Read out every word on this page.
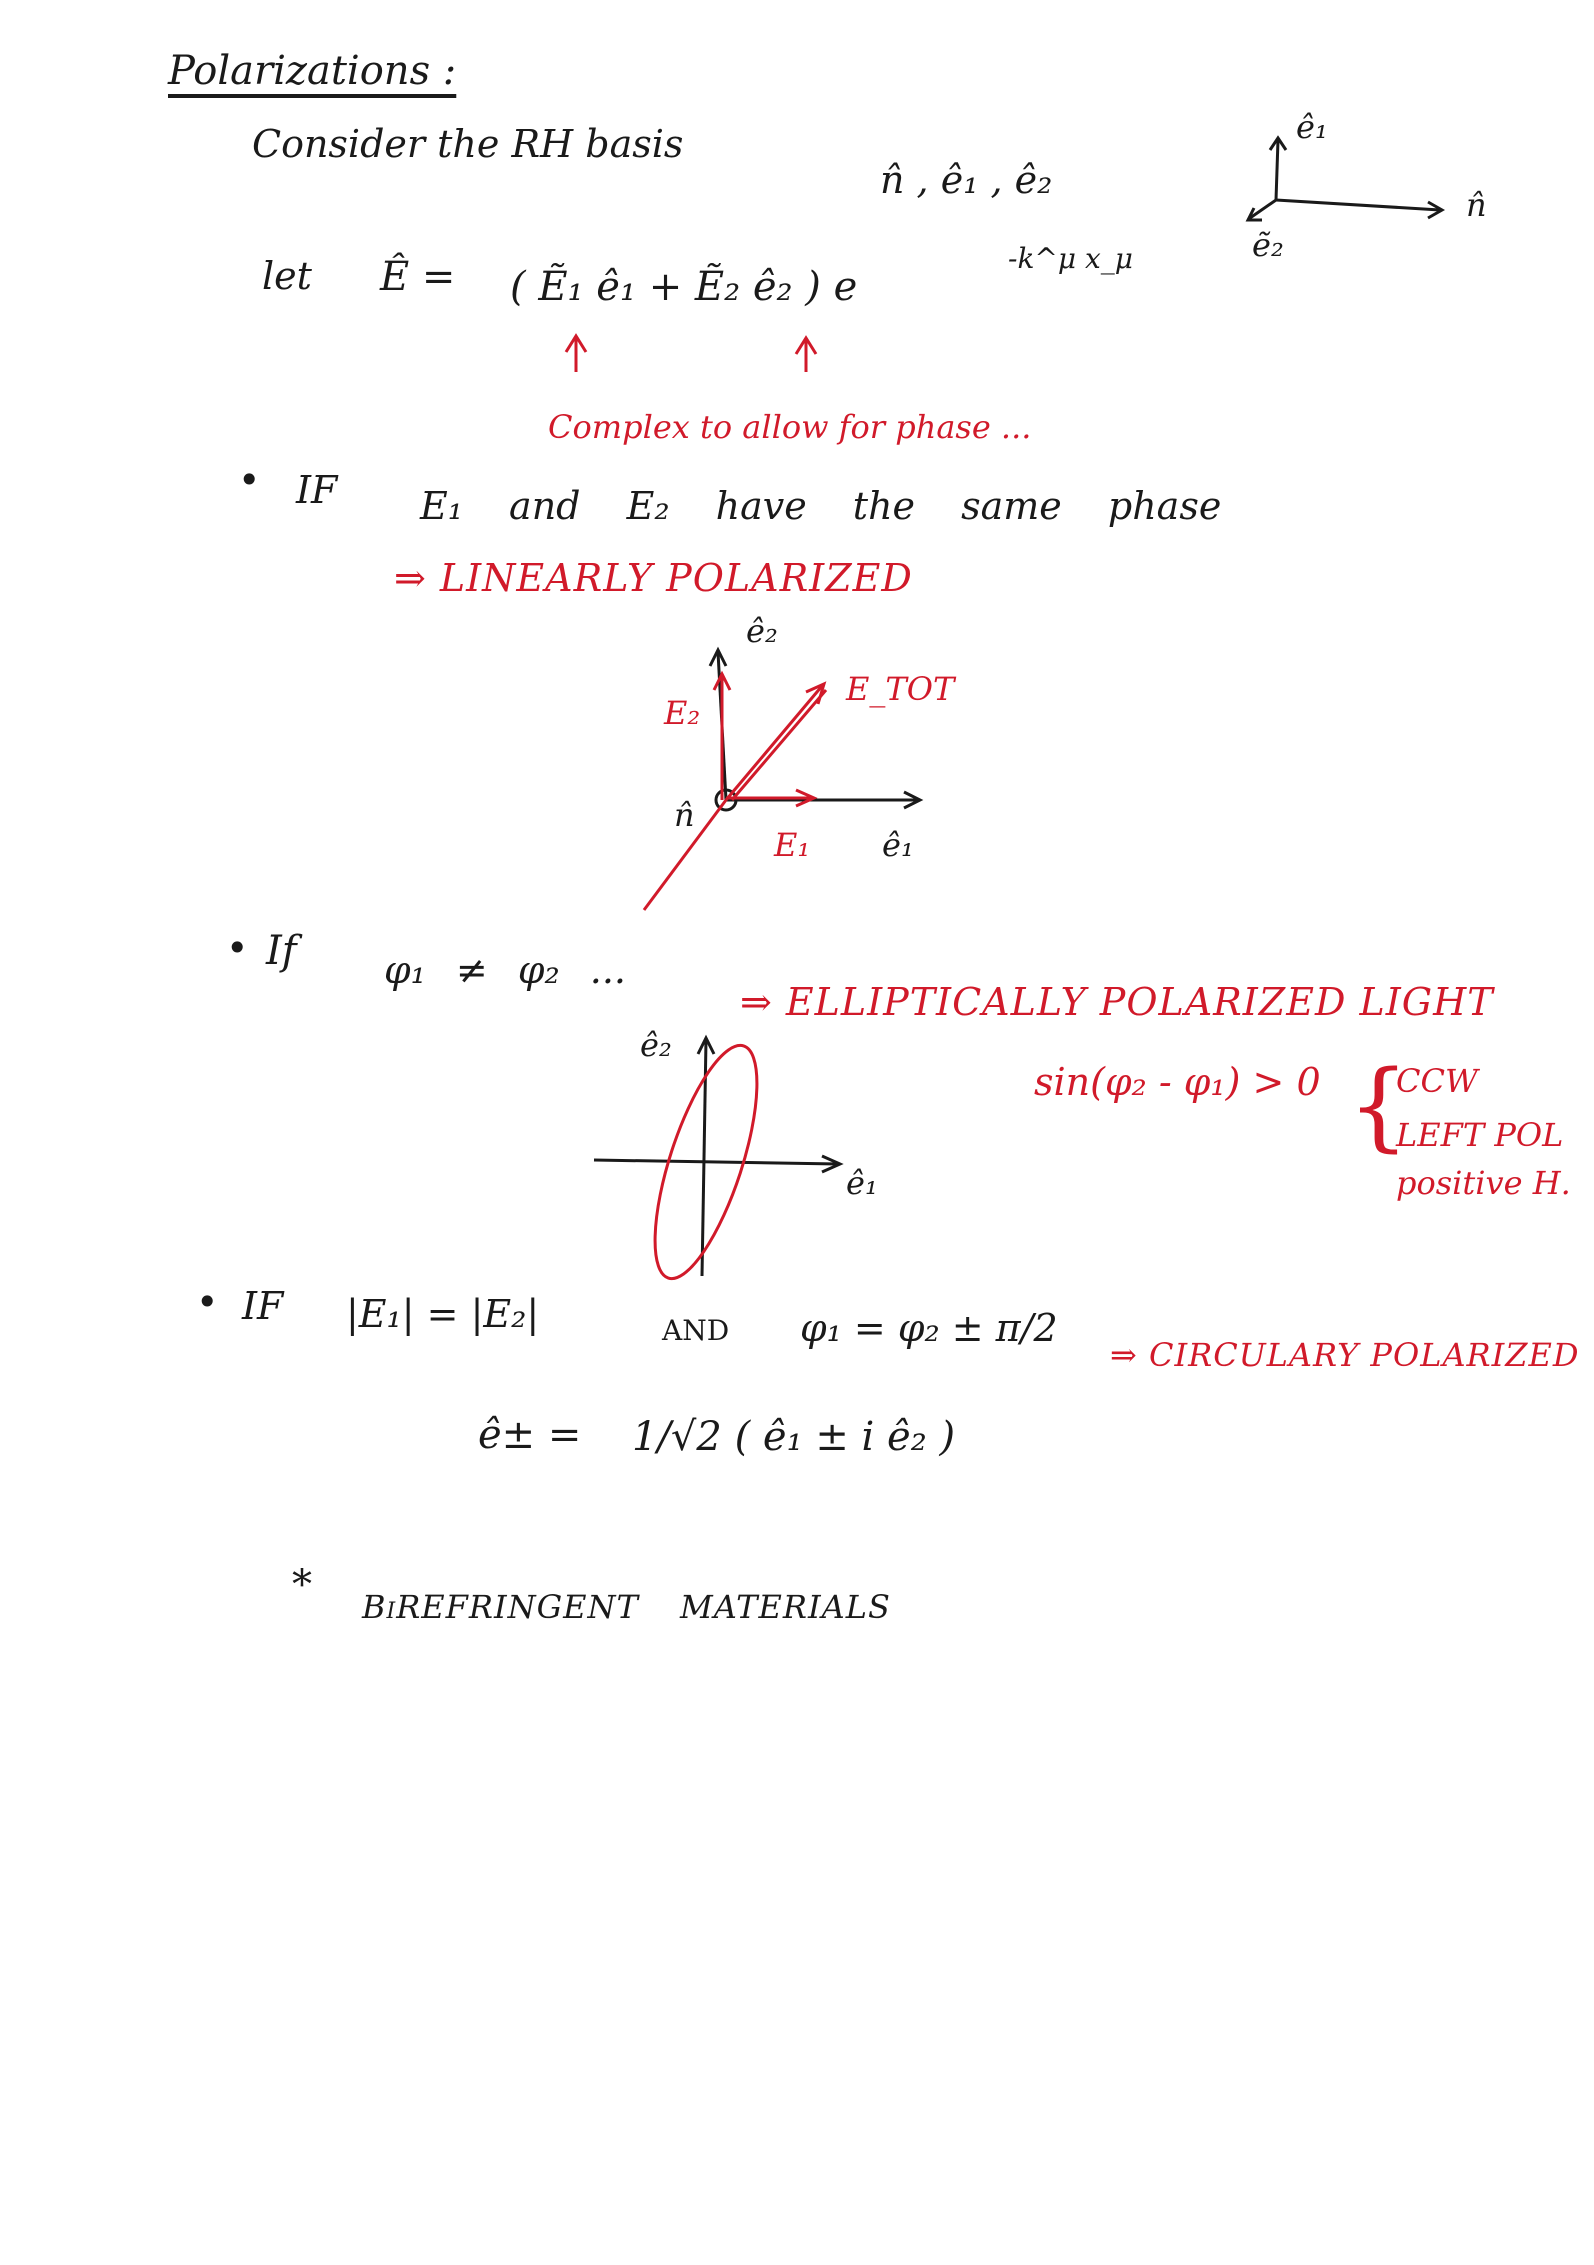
Polarizations :
Consider the RH basis
n̂ , ê₁ , ê₂
ê₁
n̂
ẽ₂
let Ê = ( Ẽ₁ ê₁ + Ẽ₂ ê₂ ) e
-k^μ x_μ
Complex to allow for phase ...
• IF E₁ and E₂ have the same phase
⇒ LINEARLY POLARIZED
ê₂
E₂
E_TOT
n̂
E₁ ê₁
• If φ₁ ≠ φ₂ ...
⇒ ELLIPTICALLY POLARIZED LIGHT
sin(φ₂ - φ₁) > 0 {
CCW
LEFT POL
positive H.
ê₂
ê₁
• IF |E₁| = |E₂|	AND φ₁ = φ₂ ± π/2
⇒ CIRCULARY POLARIZED
ê± = 1/√2 ( ê₁ ± i ê₂ )
* BiREFRINGENT MATERIALS
